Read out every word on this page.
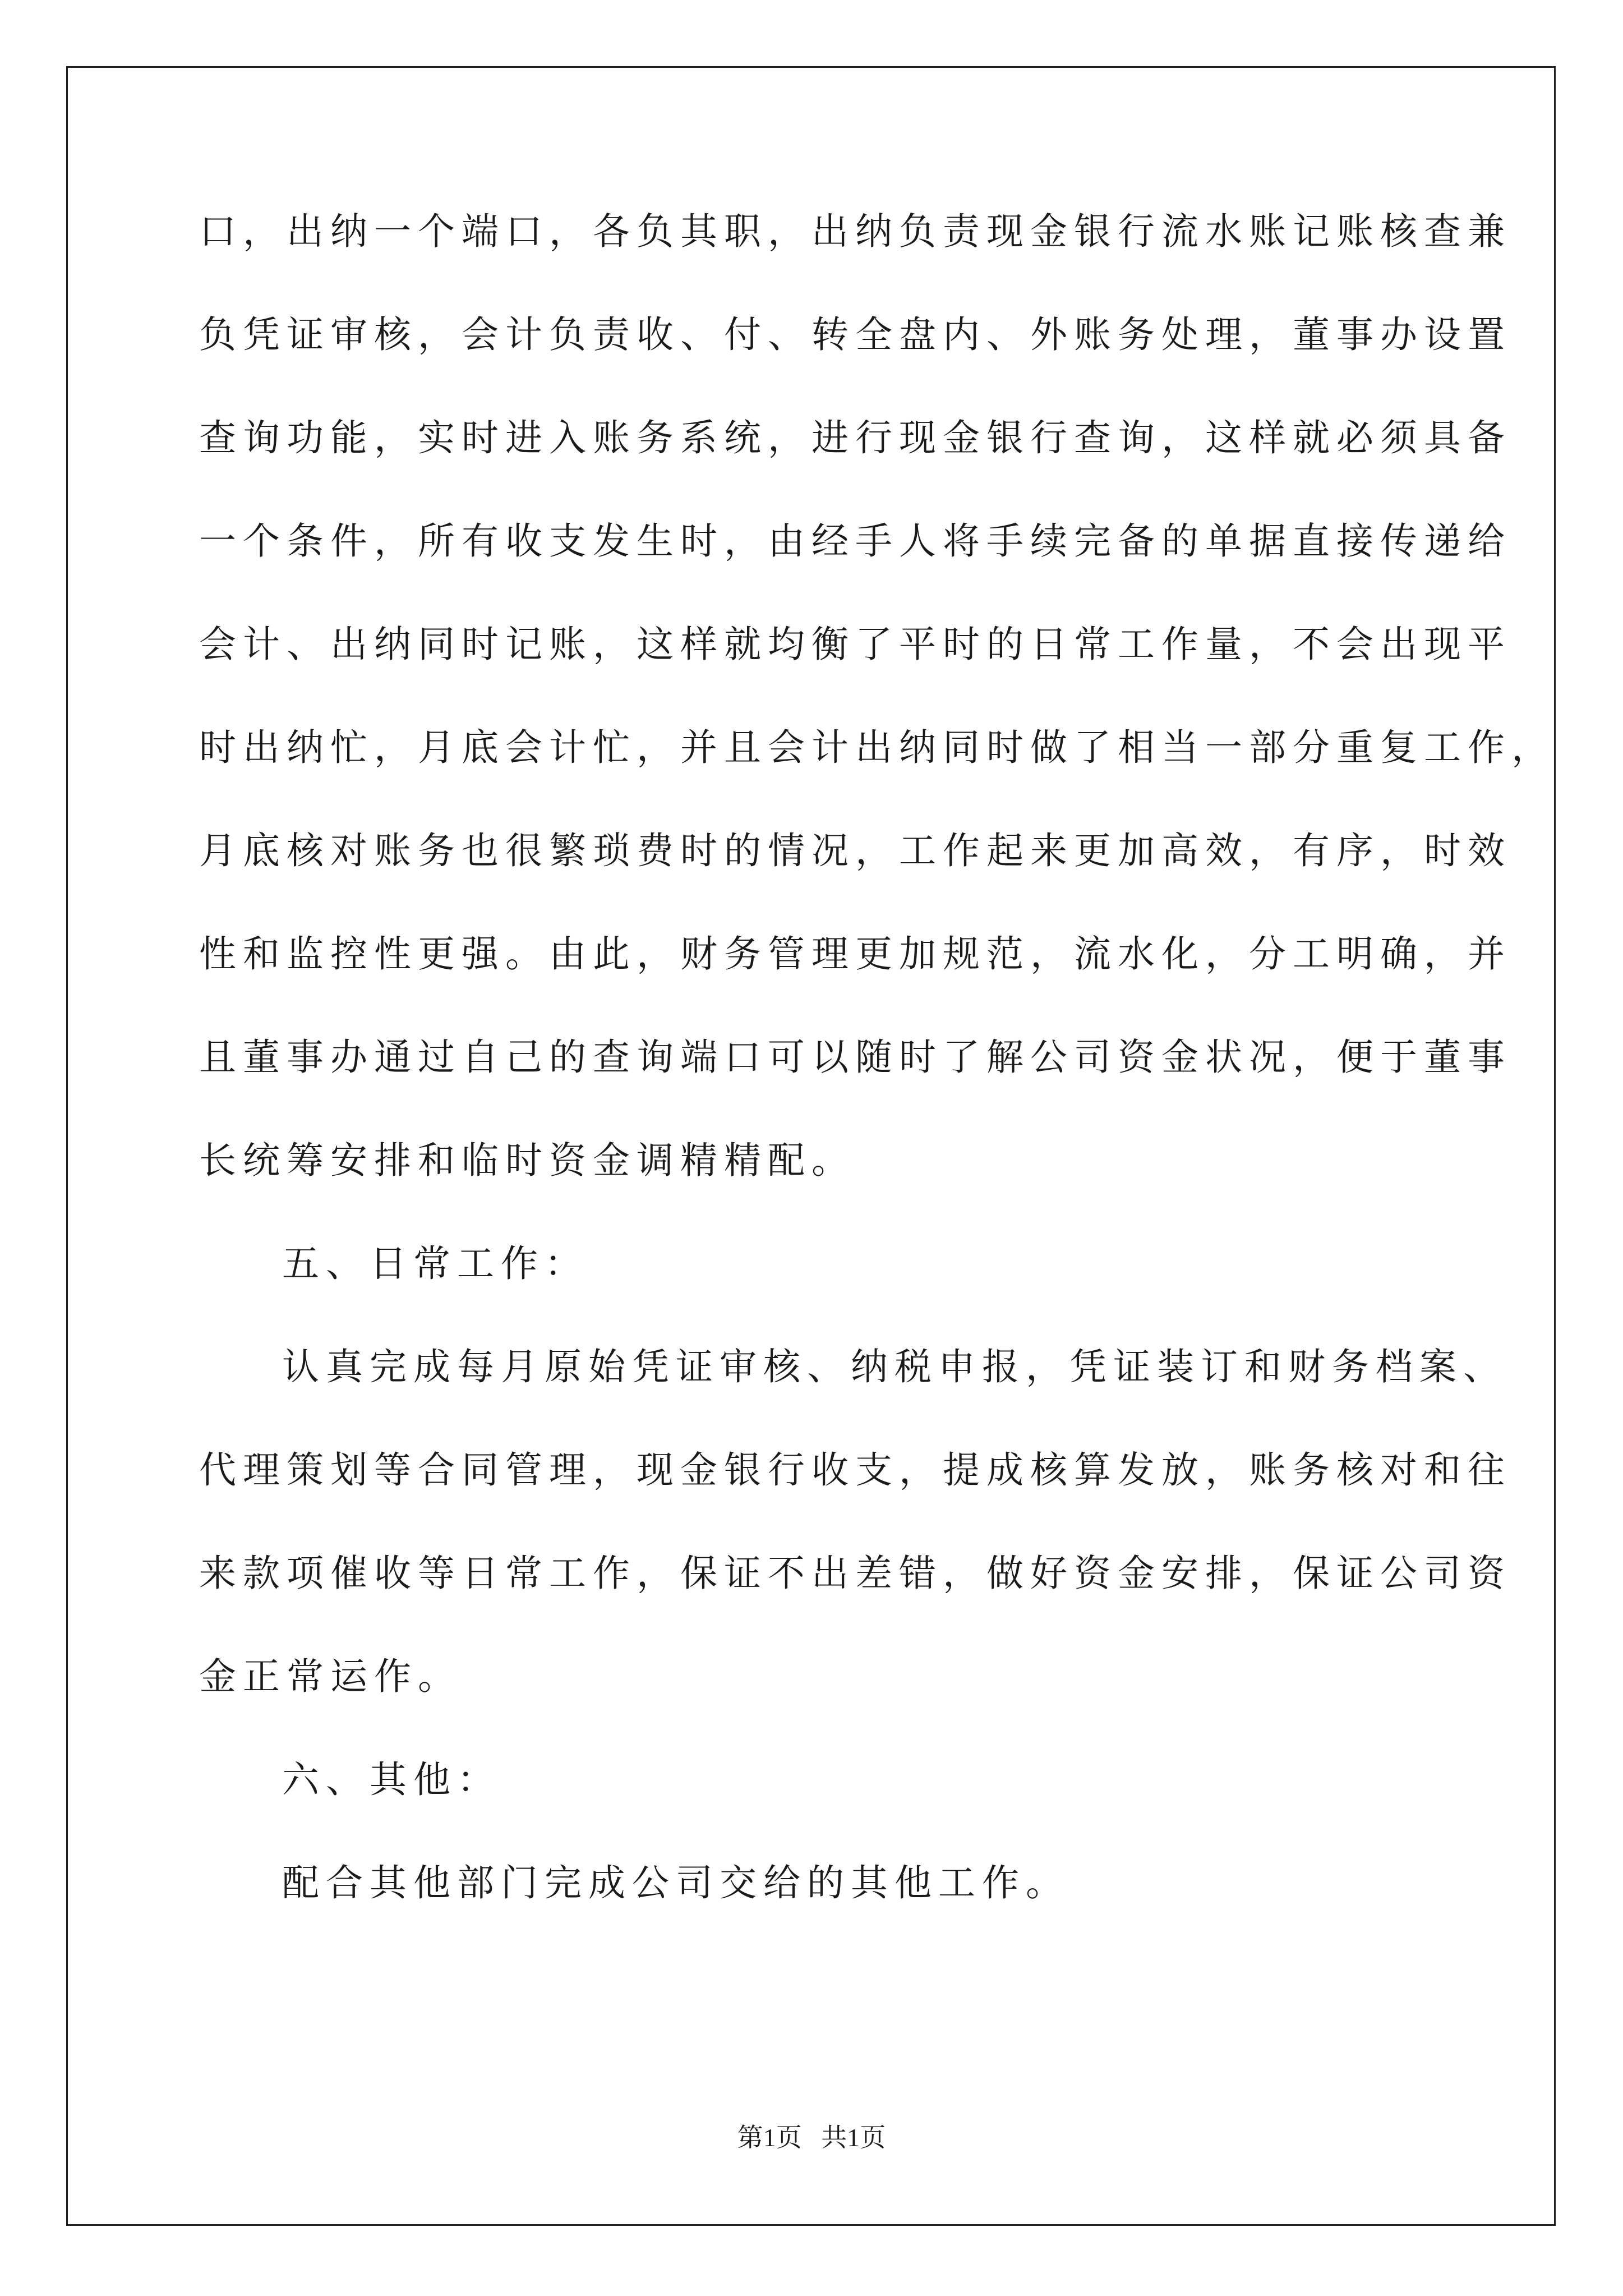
口，出纳一个端口，各负其职，出纳负责现金银行流水账记账核查兼
负凭证审核，会计负责收、付、转全盘内、外账务处理，董事办设置
查询功能，实时进入账务系统，进行现金银行查询，这样就必须具备
一个条件，所有收支发生时，由经手人将手续完备的单据直接传递给
会计、出纳同时记账，这样就均衡了平时的日常工作量，不会出现平
时出纳忙，月底会计忙，并且会计出纳同时做了相当一部分重复工作，
月底核对账务也很繁琐费时的情况，工作起来更加高效，有序，时效
性和监控性更强。由此，财务管理更加规范，流水化，分工明确，并
且董事办通过自己的查询端口可以随时了解公司资金状况，便于董事
长统筹安排和临时资金调精精配。
五、日常工作：
认真完成每月原始凭证审核、纳税申报，凭证装订和财务档案、
代理策划等合同管理，现金银行收支，提成核算发放，账务核对和往
来款项催收等日常工作，保证不出差错，做好资金安排，保证公司资
金正常运作。
六、其他：
配合其他部门完成公司交给的其他工作。
第1页   共1页
